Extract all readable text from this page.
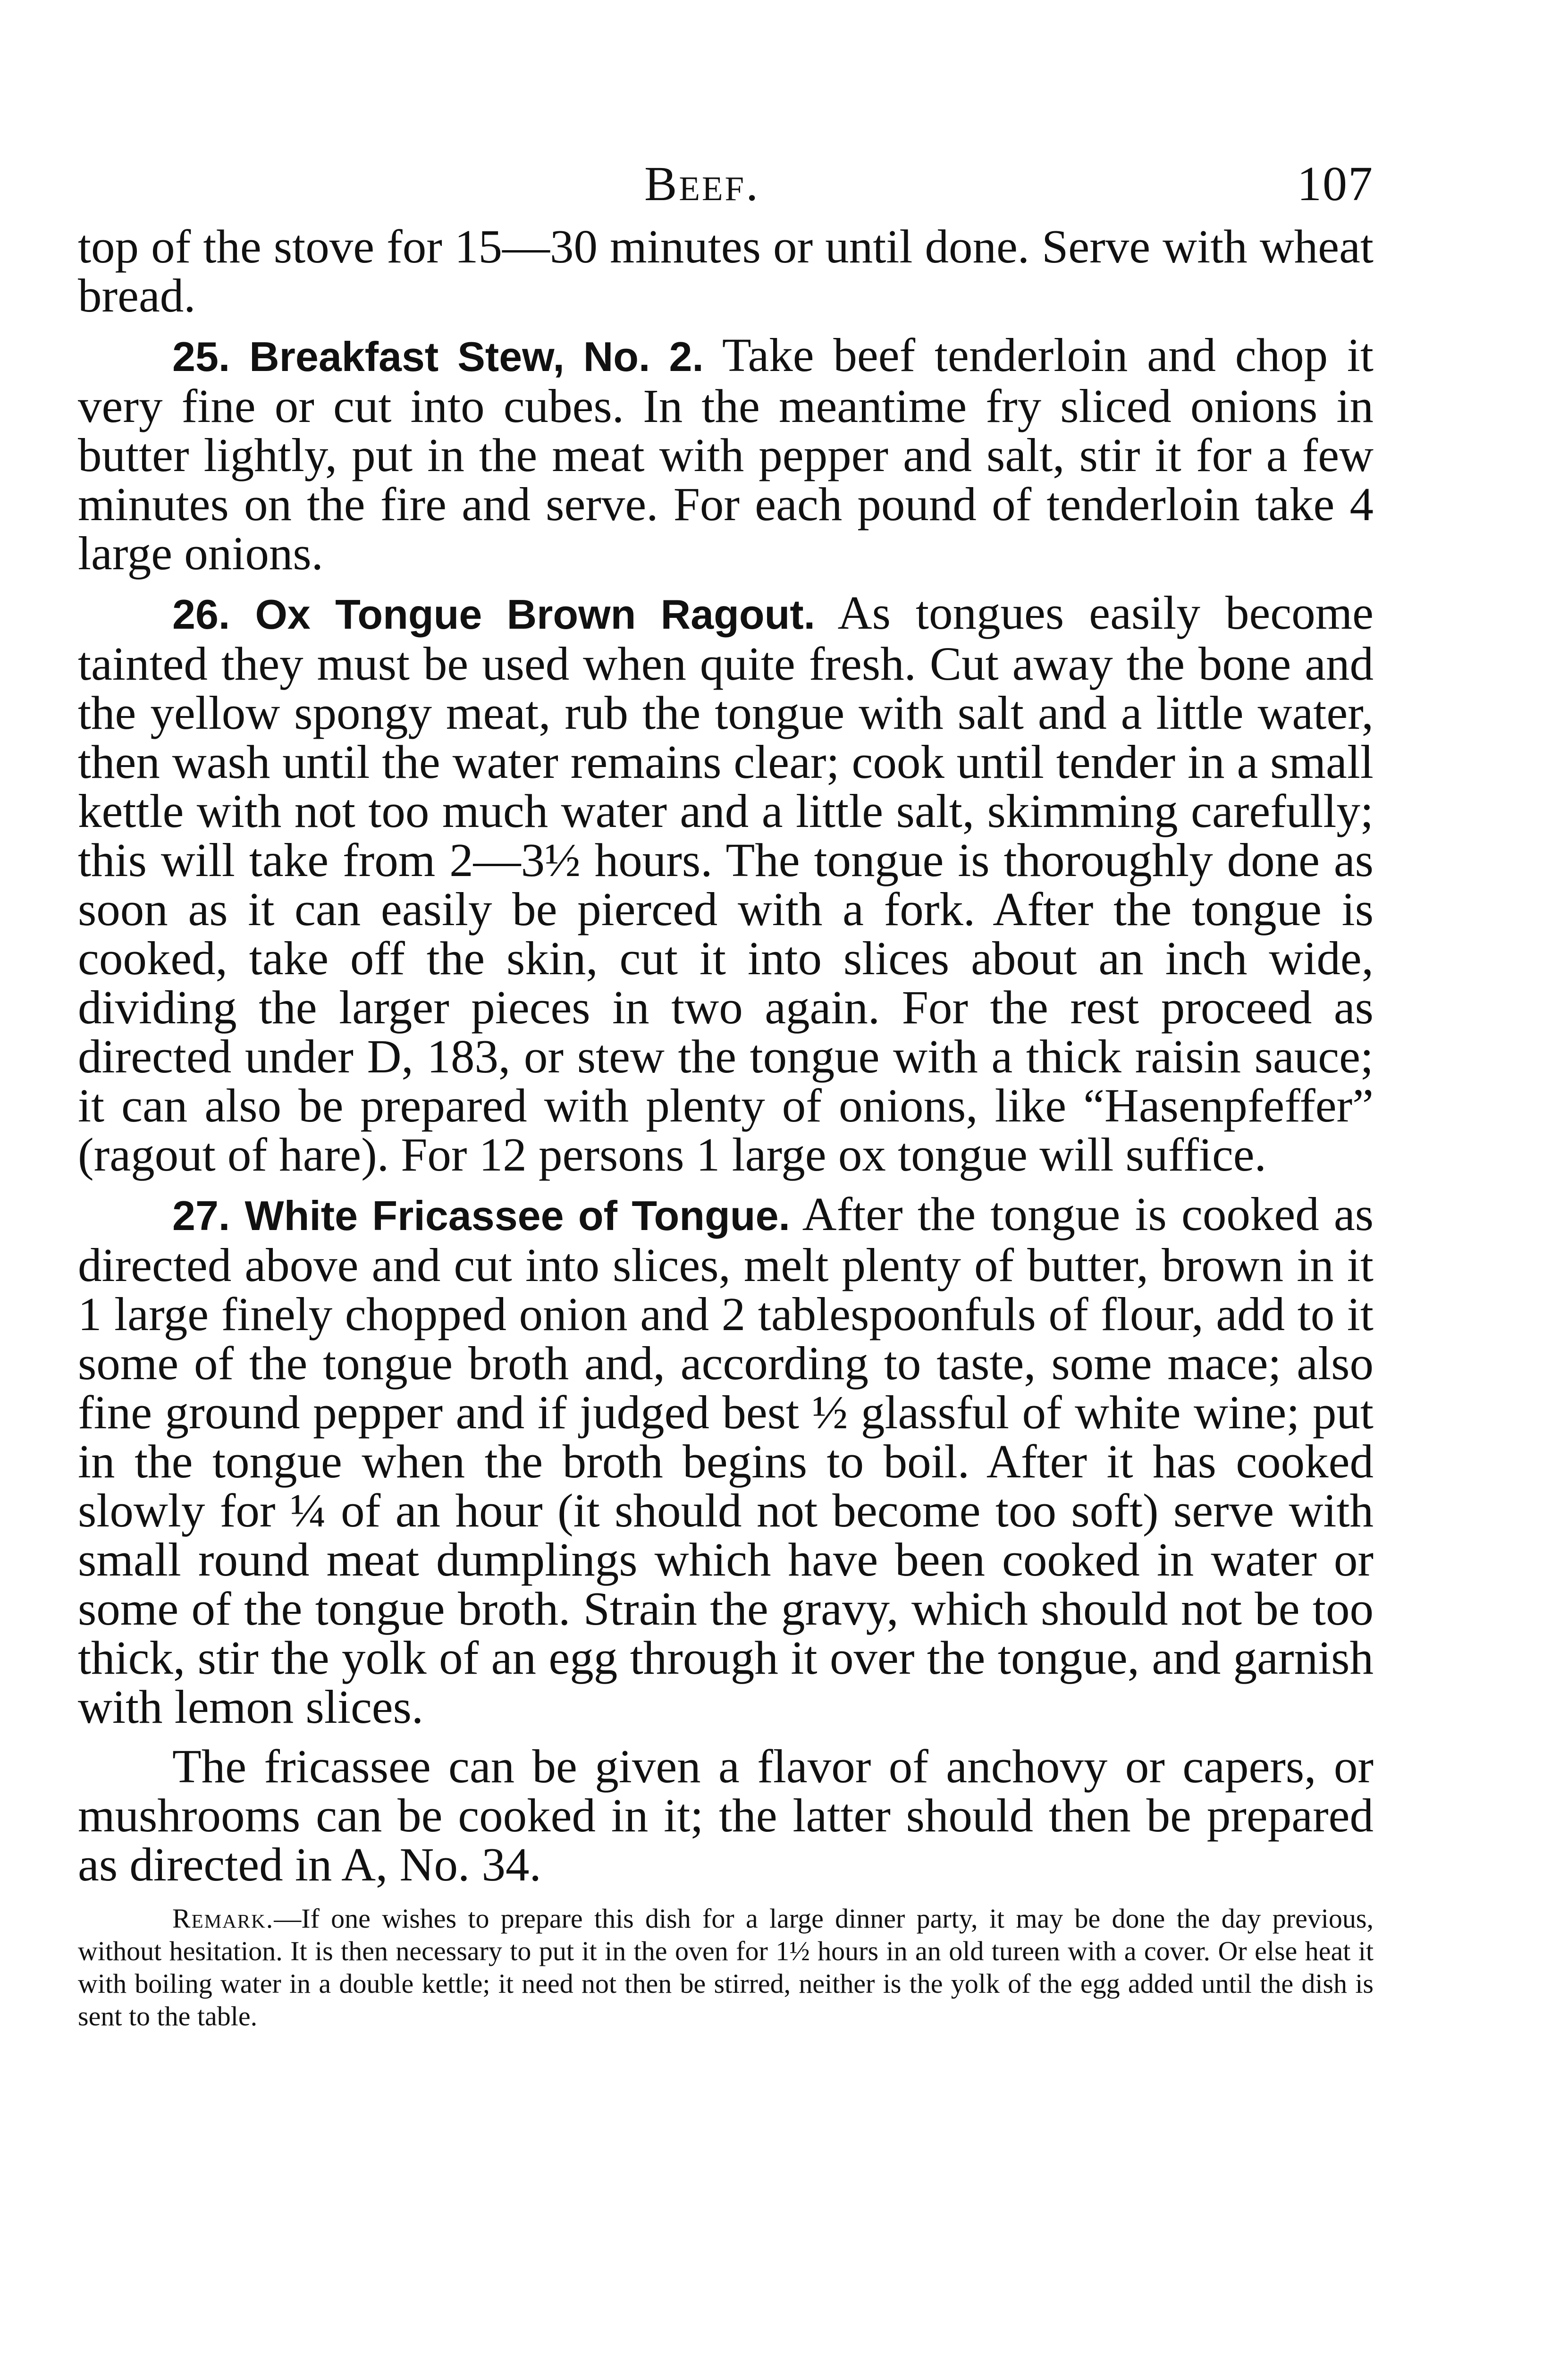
Beef.	107

top of the stove for 15—30 minutes or until done. Serve with wheat bread.

25. Breakfast Stew, No. 2. Take beef tenderloin and chop it very fine or cut into cubes. In the meantime fry sliced onions in butter lightly, put in the meat with pepper and salt, stir it for a few minutes on the fire and serve. For each pound of tenderloin take 4 large onions.

26. Ox Tongue Brown Ragout. As tongues easily become tainted they must be used when quite fresh. Cut away the bone and the yellow spongy meat, rub the tongue with salt and a little water, then wash until the water remains clear; cook until tender in a small kettle with not too much water and a little salt, skimming carefully; this will take from 2—3½ hours. The tongue is thoroughly done as soon as it can easily be pierced with a fork. After the tongue is cooked, take off the skin, cut it into slices about an inch wide, dividing the larger pieces in two again. For the rest proceed as directed under D, 183, or stew the tongue with a thick raisin sauce; it can also be prepared with plenty of onions, like “Hasenpfeffer” (ragout of hare). For 12 persons 1 large ox tongue will suffice.

27. White Fricassee of Tongue. After the tongue is cooked as directed above and cut into slices, melt plenty of butter, brown in it 1 large finely chopped onion and 2 tablespoonfuls of flour, add to it some of the tongue broth and, according to taste, some mace; also fine ground pepper and if judged best ½ glassful of white wine; put in the tongue when the broth begins to boil. After it has cooked slowly for ¼ of an hour (it should not become too soft) serve with small round meat dumplings which have been cooked in water or some of the tongue broth. Strain the gravy, which should not be too thick, stir the yolk of an egg through it over the tongue, and garnish with lemon slices.

The fricassee can be given a flavor of anchovy or capers, or mushrooms can be cooked in it; the latter should then be prepared as directed in A, No. 34.

Remark.—If one wishes to prepare this dish for a large dinner party, it may be done the day previous, without hesitation. It is then necessary to put it in the oven for 1½ hours in an old tureen with a cover. Or else heat it with boiling water in a double kettle; it need not then be stirred, neither is the yolk of the egg added until the dish is sent to the table.
